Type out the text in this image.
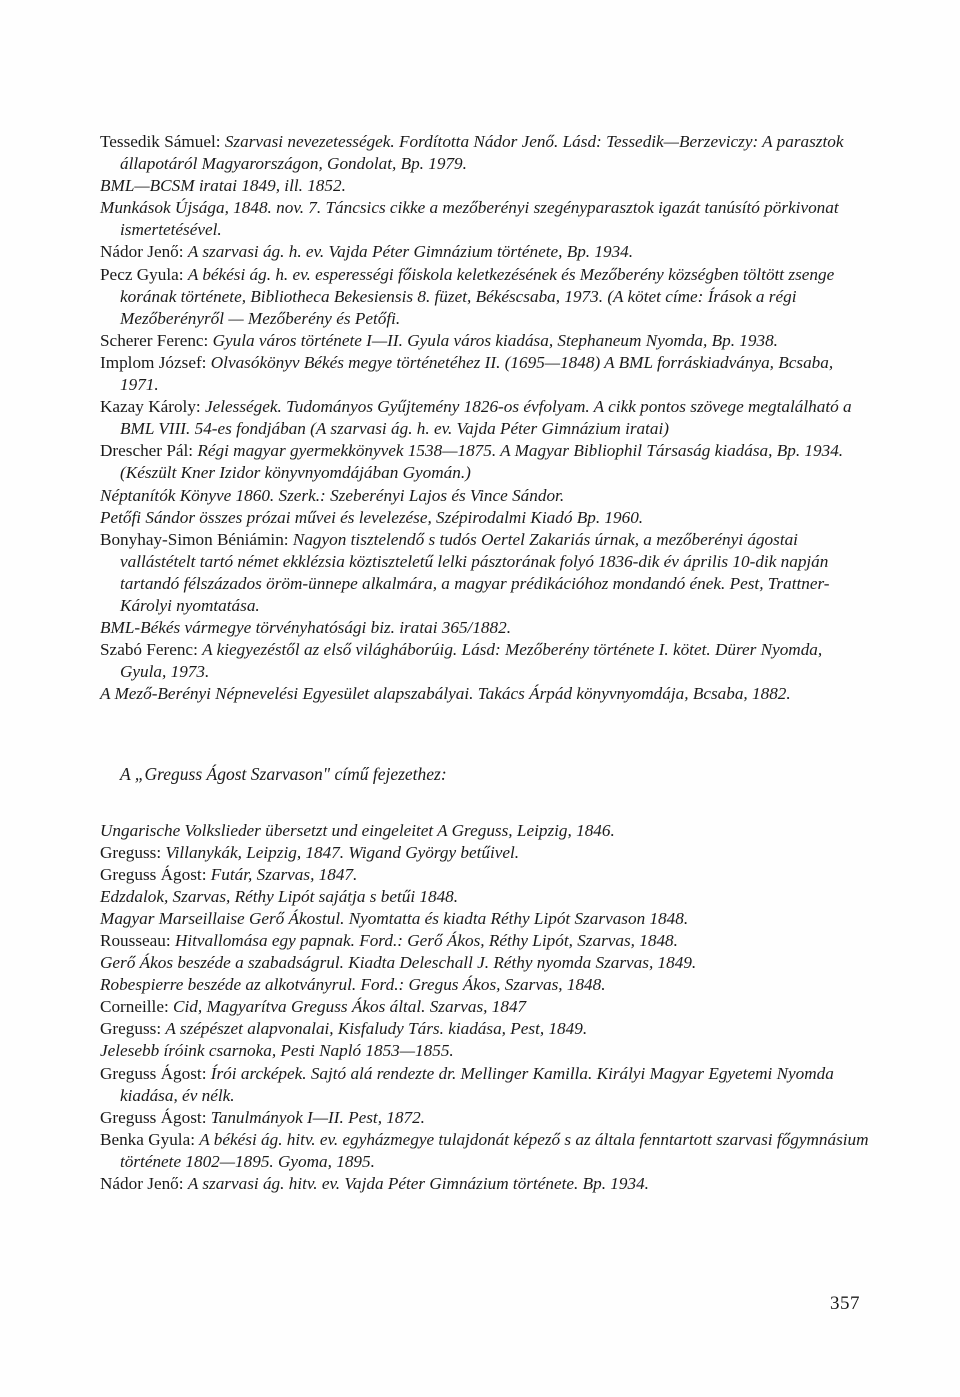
Tessedik Sámuel: Szarvasi nevezetességek. Fordította Nádor Jenő. Lásd: Tessedik—Berzeviczy: A parasztok állapotáról Magyarországon, Gondolat, Bp. 1979.

BML—BCSM iratai 1849, ill. 1852.

Munkások Újsága, 1848. nov. 7. Táncsics cikke a mezőberényi szegényparasztok igazát tanúsító pörkivonat ismertetésével.

Nádor Jenő: A szarvasi ág. h. ev. Vajda Péter Gimnázium története, Bp. 1934.

Pecz Gyula: A békési ág. h. ev. esperességi főiskola keletkezésének és Mezőberény községben töltött zsenge korának története, Bibliotheca Bekesiensis 8. füzet, Békéscsaba, 1973. (A kötet címe: Írások a régi Mezőberényről — Mezőberény és Petőfi.

Scherer Ferenc: Gyula város története I—II. Gyula város kiadása, Stephaneum Nyomda, Bp. 1938.

Implom József: Olvasókönyv Békés megye történetéhez II. (1695—1848) A BML forráskiadványa, Bcsaba, 1971.

Kazay Károly: Jelességek. Tudományos Gyűjtemény 1826-os évfolyam. A cikk pontos szövege megtalálható a BML VIII. 54-es fondjában (A szarvasi ág. h. ev. Vajda Péter Gimnázium iratai)

Drescher Pál: Régi magyar gyermekkönyvek 1538—1875. A Magyar Bibliophil Társaság kiadása, Bp. 1934. (Készült Kner Izidor könyvnyomdájában Gyomán.)

Néptanítók Könyve 1860. Szerk.: Szeberényi Lajos és Vince Sándor.

Petőfi Sándor összes prózai művei és levelezése, Szépirodalmi Kiadó Bp. 1960.

Bonyhay-Simon Béniámin: Nagyon tisztelendő s tudós Oertel Zakariás úrnak, a mezőberényi ágostai vallástételt tartó német ekklézsia köztiszteletű lelki pásztorának folyó 1836-dik év április 10-dik napján tartandó félszázados öröm-ünnepe alkalmára, a magyar prédikációhoz mondandó ének. Pest, Trattner-Károlyi nyomtatása.

BML-Békés vármegye törvényhatósági biz. iratai 365/1882.

Szabó Ferenc: A kiegyezéstől az első világháborúig. Lásd: Mezőberény története I. kötet. Dürer Nyomda, Gyula, 1973.

A Mező-Berényi Népnevelési Egyesület alapszabályai. Takács Árpád könyvnyomdája, Bcsaba, 1882.

A „Greguss Ágost Szarvason" című fejezethez:

Ungarische Volkslieder übersetzt und eingeleitet A Greguss, Leipzig, 1846.

Greguss: Villanykák, Leipzig, 1847. Wigand György betűivel.

Greguss Ágost: Futár, Szarvas, 1847.

Edzdalok, Szarvas, Réthy Lipót sajátja s betűi 1848.

Magyar Marseillaise Gerő Ákostul. Nyomtatta és kiadta Réthy Lipót Szarvason 1848.

Rousseau: Hitvallomása egy papnak. Ford.: Gerő Ákos, Réthy Lipót, Szarvas, 1848.

Gerő Ákos beszéde a szabadságrul. Kiadta Deleschall J. Réthy nyomda Szarvas, 1849.

Robespierre beszéde az alkotványrul. Ford.: Gregus Ákos, Szarvas, 1848.

Corneille: Cid, Magyarítva Greguss Ákos által. Szarvas, 1847

Greguss: A szépészet alapvonalai, Kisfaludy Társ. kiadása, Pest, 1849.

Jelesebb íróink csarnoka, Pesti Napló 1853—1855.

Greguss Ágost: Írói arcképek. Sajtó alá rendezte dr. Mellinger Kamilla. Királyi Magyar Egyetemi Nyomda kiadása, év nélk.

Greguss Ágost: Tanulmányok I—II. Pest, 1872.

Benka Gyula: A békési ág. hitv. ev. egyházmegye tulajdonát képező s az általa fenntartott szarvasi főgymnásium története 1802—1895. Gyoma, 1895.

Nádor Jenő: A szarvasi ág. hitv. ev. Vajda Péter Gimnázium története. Bp. 1934.

357
